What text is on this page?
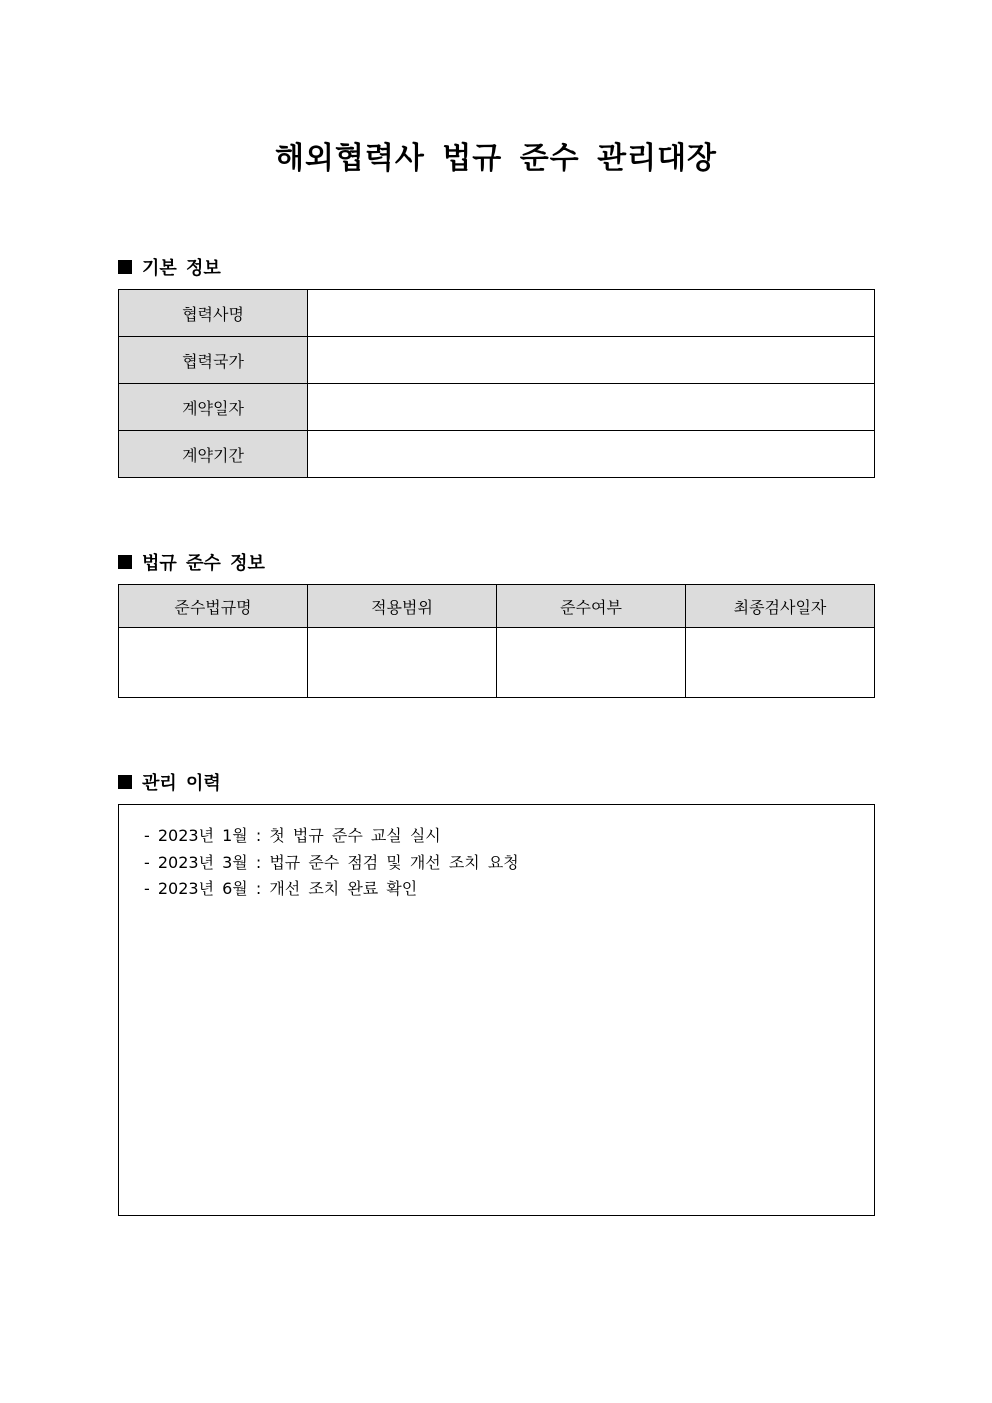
해외협력사 법규 준수 관리대장
기본 정보
협력사명	
협력국가	
계약일자	
계약기간	
법규 준수 정보
준수법규명	적용범위	준수여부	최종검사일자

관리 이력
- 2023년 1월 : 첫 법규 준수 교실 실시
- 2023년 3월 : 법규 준수 점검 및 개선 조치 요청
- 2023년 6월 : 개선 조치 완료 확인
